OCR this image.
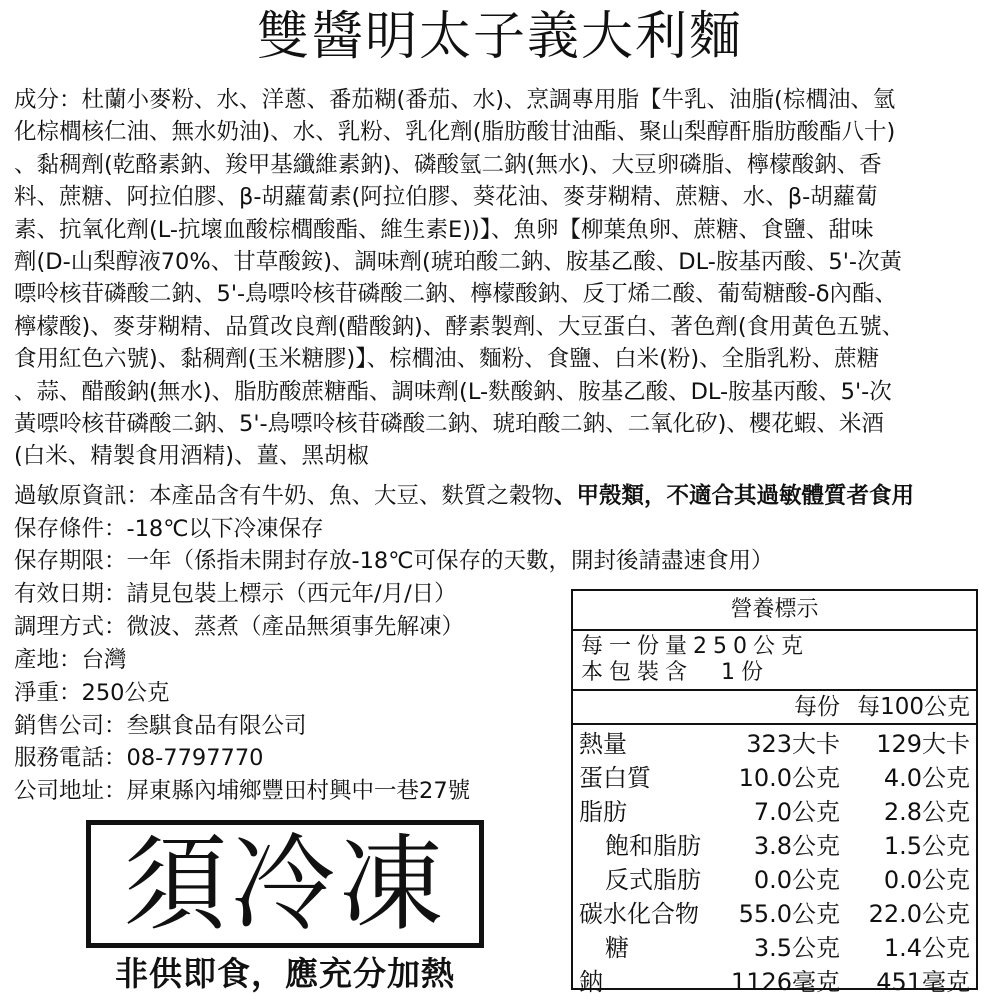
雙醬明太子義大利麵
成分：杜蘭小麥粉、水、洋蔥、番茄糊(番茄、水)、烹調專用脂【牛乳、油脂(棕櫚油、氫
化棕櫚核仁油、無水奶油)、水、乳粉、乳化劑(脂肪酸甘油酯、聚山梨醇酐脂肪酸酯八十)
、黏稠劑(乾酪素鈉、羧甲基纖維素鈉)、磷酸氫二鈉(無水)、大豆卵磷脂、檸檬酸鈉、香
料、蔗糖、阿拉伯膠、β-胡蘿蔔素(阿拉伯膠、葵花油、麥芽糊精、蔗糖、水、β-胡蘿蔔
素、抗氧化劑(L-抗壞血酸棕櫚酸酯、維生素E))】、魚卵【柳葉魚卵、蔗糖、食鹽、甜味
劑(D-山梨醇液70%、甘草酸銨)、調味劑(琥珀酸二鈉、胺基乙酸、DL-胺基丙酸、5'-次黃
嘌呤核苷磷酸二鈉、5'-鳥嘌呤核苷磷酸二鈉、檸檬酸鈉、反丁烯二酸、葡萄糖酸-δ內酯、
檸檬酸)、麥芽糊精、品質改良劑(醋酸鈉)、酵素製劑、大豆蛋白、著色劑(食用黃色五號、
食用紅色六號)、黏稠劑(玉米糖膠)】、棕櫚油、麵粉、食鹽、白米(粉)、全脂乳粉、蔗糖
、蒜、醋酸鈉(無水)、脂肪酸蔗糖酯、調味劑(L-麩酸鈉、胺基乙酸、DL-胺基丙酸、5'-次
黃嘌呤核苷磷酸二鈉、5'-鳥嘌呤核苷磷酸二鈉、琥珀酸二鈉、二氧化矽)、櫻花蝦、米酒
(白米、精製食用酒精)、薑、黑胡椒
過敏原資訊：本產品含有牛奶、魚、大豆、麩質之穀物、甲殼類，不適合其過敏體質者食用
保存條件：-18℃以下冷凍保存
保存期限：一年（係指未開封存放-18℃可保存的天數，開封後請盡速食用）
有效日期：請見包裝上標示（西元年/月/日）
調理方式：微波、蒸煮（產品無須事先解凍）
產地：台灣
淨重：250公克
銷售公司：叁騏食品有限公司
服務電話：08-7797770
公司地址：屏東縣內埔鄉豐田村興中一巷27號
須冷凍
非供即食，應充分加熱
營養標示
每一份量250公克
本包裝含　1份
每份 每100公克
熱量	323大卡	129大卡
蛋白質	10.0公克	4.0公克
脂肪	7.0公克	2.8公克
飽和脂肪	3.8公克	1.5公克
反式脂肪	0.0公克	0.0公克
碳水化合物	55.0公克	22.0公克
糖	3.5公克	1.4公克
鈉	1126毫克	451毫克
